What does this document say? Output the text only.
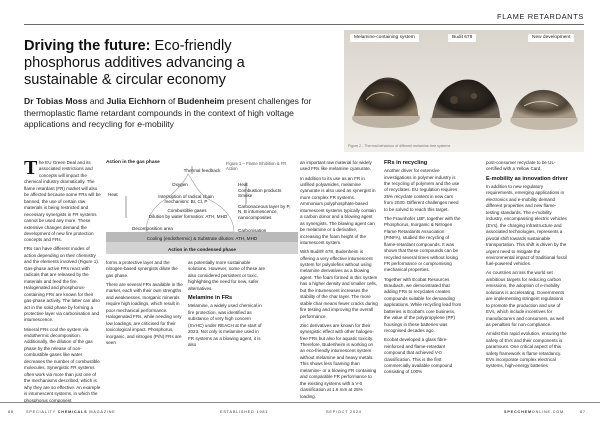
FLAME RETARDANTS
Driving the future: Eco-friendly phosphorus additives advancing a sustainable & circular economy
Dr Tobias Moss and Julia Eichhorn of Budenheim present challenges for thermoplastic flame retardant compounds in the context of high voltage applications and recycling for e-mobility
Melamine-containing system	Budit 678	New development
Figure 2 - Thermal behaviour of different melamine-free systems

The EU Green Deal and its associated restrictions and concepts will impact the chemical industry dramatically. The flame retardant (FR) market will also be affected because some FRs will be banned, the use of certain raw materials is being restricted and necessary synergists in FR systems cannot be used any more. These extensive changes demand the development of new fire protection concepts and FRs.

FRs can have different modes of action depending on their chemistry and the elements involved (Figure 1). Gas-phase active FRs react with radicals that are released by the materials and feed the fire. Halogenated and phosphorus-containing FRs are known for their gas-phase activity. The latter can also act in the solid phase by forming a protective layer via carbonisation and intumescence.

Mineral FRs cool the system via endothermic decomposition. Additionally, the dilution of the gas phase by the release of non-combustible gases like water decreases the number of combustible molecules. Synergistic FR systems often work via more than just one of the mechanisms described, which is why they are so effective. An example is intumescent systems, in which the phosphorus component

Action in the gas phase	Figure 1 – Flame Inhibition & FR Action
Thermal feedback
Oxygen
Heat
Heat
Combustion products Smoke
Interruption of radical chain mechanism: Br, Cl, P
Combustible gases
Dilution by water formation: ATH, MHD
Carbonaceous layer by P, N, B intumescence, nanocomposites
Decomposition area	Carbonisation
Cooling (endothermic) & Substrate dilution: ATH, MHD
Action in the condensed phase

forms a protective layer and the nitrogen-based synergists dilute the gas phase.

There are several FRs available in the market, each with their own strengths and weaknesses. Inorganic minerals require high loadings, which result in poor mechanical performance. Halogenated FRs, while needing very low loadings, are criticised for their toxicological impact. Phosphorus, inorganic, and nitrogen (P/N) FRs are seen

as potentially more sustainable solutions. However, some of these are also considered persistent or toxic, highlighting the need for new, safer alternatives.

Melamine in FRs

Melamine, a widely used chemical in fire protection, was identified as substance of very high concern (SVHC) under REACH at the start of 2023. Not only is melamine used in FR systems as a blowing agent, it is also

an important raw material for widely used FRs like melamine cyanurate.

In addition to its use as an FR in unfilled polyamides, melamine cyanurate is also used as synergist in more complex FR systems. Ammonium polyphosphate-based intumescent systems typically contain a carbon donor and a blowing agent as synergists. The blowing agent can be melamine or a derivative, increasing the foam height of the intumescent system.

With Budit® 678, Budenheim is offering a very effective intumescent system for polyolefins without using melamine derivatives as a blowing agent. The foam formed in this system has a higher density and smaller cells, but the intumescent increases the stability of the char layer. The more stable char means fewer cracks during fire testing and improving the overall performance.

Zinc derivatives are known for their synergistic effect with other halogen-free FRs but also for aquatic toxicity. Therefore, Budenheim is working on an eco-friendly intumescent system without melamine and heavy metals. This shows less foaming than melamine- or a blowing FR containing and comparable FR performance to the existing systems with a V-0 classification at 1.6 mm at 25% loading.

FRs in recycling

Another driver for extensive investigations in polymer industry is the recycling of polymers and the use of recyclates. EU regulation requires 25% recyclate content in new cars from 2030. Different challenges need to be solved to reach this target.

The Fraunhofer LBF, together with the Phosphorus, Inorganic & Nitrogen Flame Retardants Association (PINFA), studied the recycling of flame-retardant compounds. It was shown that these compounds can be recycled several times without losing FR performance or compromising mechanical properties.

Together with Ecobat Resources Braubach, we demonstrated that adding FRs to recyclates creates compounds suitable for demanding applications. While recycling lead from batteries is Ecobat's core business, the value of the polypropylene (PP) housings in these batteries was recognised decades ago.

Ecobat developed a glass fibre-reinforced and flame-retardant compound that achieved V-0 classification. This is the first commercially available compound consisting of 100%

post-consumer recyclate to be UL-certified with a Yellow Card.

E-mobility as innovation driver

In addition to new regulatory requirements, emerging applications in electronics and e-mobility demand different properties and new flame-testing standards. The e-mobility industry, encompassing electric vehicles (EVs), the charging infrastructure and associated technologies, represents a pivotal shift towards sustainable transportation. This shift is driven by the urgent need to mitigate the environmental impact of traditional fossil fuel-powered vehicles.

As countries across the world set ambitious targets for reducing carbon emissions, the adoption of e-mobility solutions is accelerating. Governments are implementing stringent regulations to promote the production and use of EVs, which include incentives for manufacturers and consumers, as well as penalties for non-compliance.

Amidst this rapid evolution, ensuring the safety of EVs and their components is paramount. One critical aspect of this safety framework is flame retardancy. EVs incorporate complex electrical systems, high-energy batteries

88	SPECIALITY CHEMICALS MAGAZINE	ESTABLISHED 1981	SEP/OCT 2024	SPECCHEMONLINE.COM	87
